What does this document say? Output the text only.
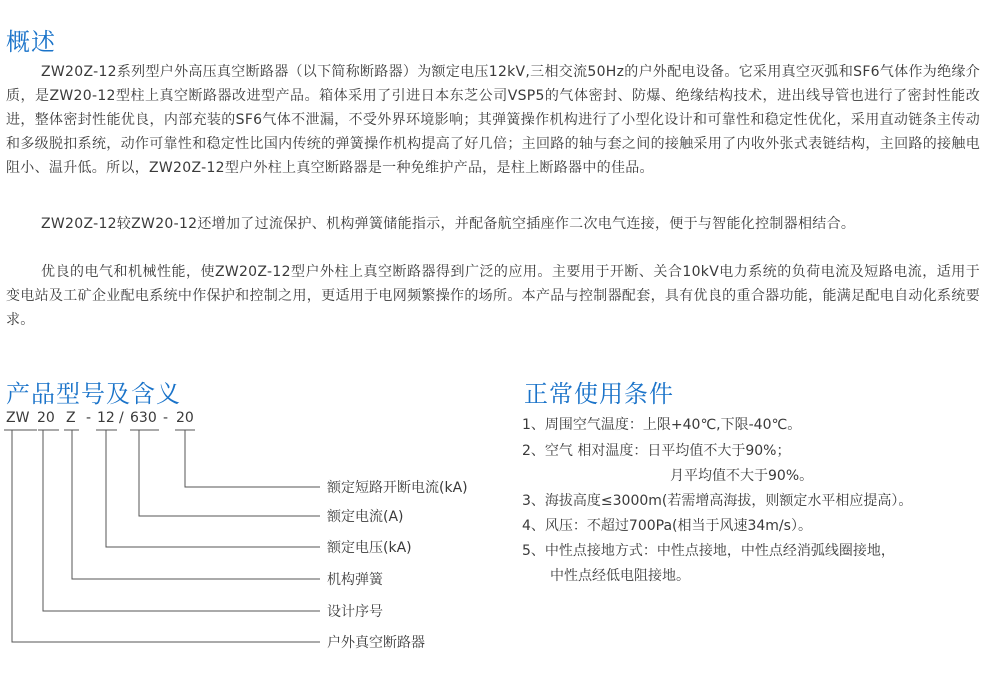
概述

ZW20Z-12系列型户外高压真空断路器（以下简称断路器）为额定电压12kV,三相交流50Hz的户外配电设备。它采用真空灭弧和SF6气体作为绝缘介质，是ZW20-12型柱上真空断路器改进型产品。箱体采用了引进日本东芝公司VSP5的气体密封、防爆、绝缘结构技术，进出线导管也进行了密封性能改进，整体密封性能优良，内部充装的SF6气体不泄漏，不受外界环境影响；其弹簧操作机构进行了小型化设计和可靠性和稳定性优化，采用直动链条主传动和多级脱扣系统，动作可靠性和稳定性比国内传统的弹簧操作机构提高了好几倍；主回路的轴与套之间的接触采用了内收外张式表链结构，主回路的接触电阻小、温升低。所以，ZW20Z-12型户外柱上真空断路器是一种免维护产品，是柱上断路器中的佳品。

ZW20Z-12较ZW20-12还增加了过流保护、机构弹簧储能指示，并配备航空插座作二次电气连接，便于与智能化控制器相结合。

优良的电气和机械性能，使ZW20Z-12型户外柱上真空断路器得到广泛的应用。主要用于开断、关合10kV电力系统的负荷电流及短路电流，适用于变电站及工矿企业配电系统中作保护和控制之用，更适用于电网频繁操作的场所。本产品与控制器配套，具有优良的重合器功能，能满足配电自动化系统要求。

产品型号及含义
ZW 20 Z - 12 / 630 - 20
额定短路开断电流(kA)
额定电流(A)
额定电压(kA)
机构弹簧
设计序号
户外真空断路器
正常使用条件
1、周围空气温度：上限+40℃,下限-40℃。
2、空气 相对温度：日平均值不大于90%；
月平均值不大于90%。
3、海拔高度≤3000m(若需增高海拔，则额定水平相应提高）。
4、风压：不超过700Pa(相当于风速34m/s）。
5、中性点接地方式：中性点接地，中性点经消弧线圈接地，
中性点经低电阻接地。
